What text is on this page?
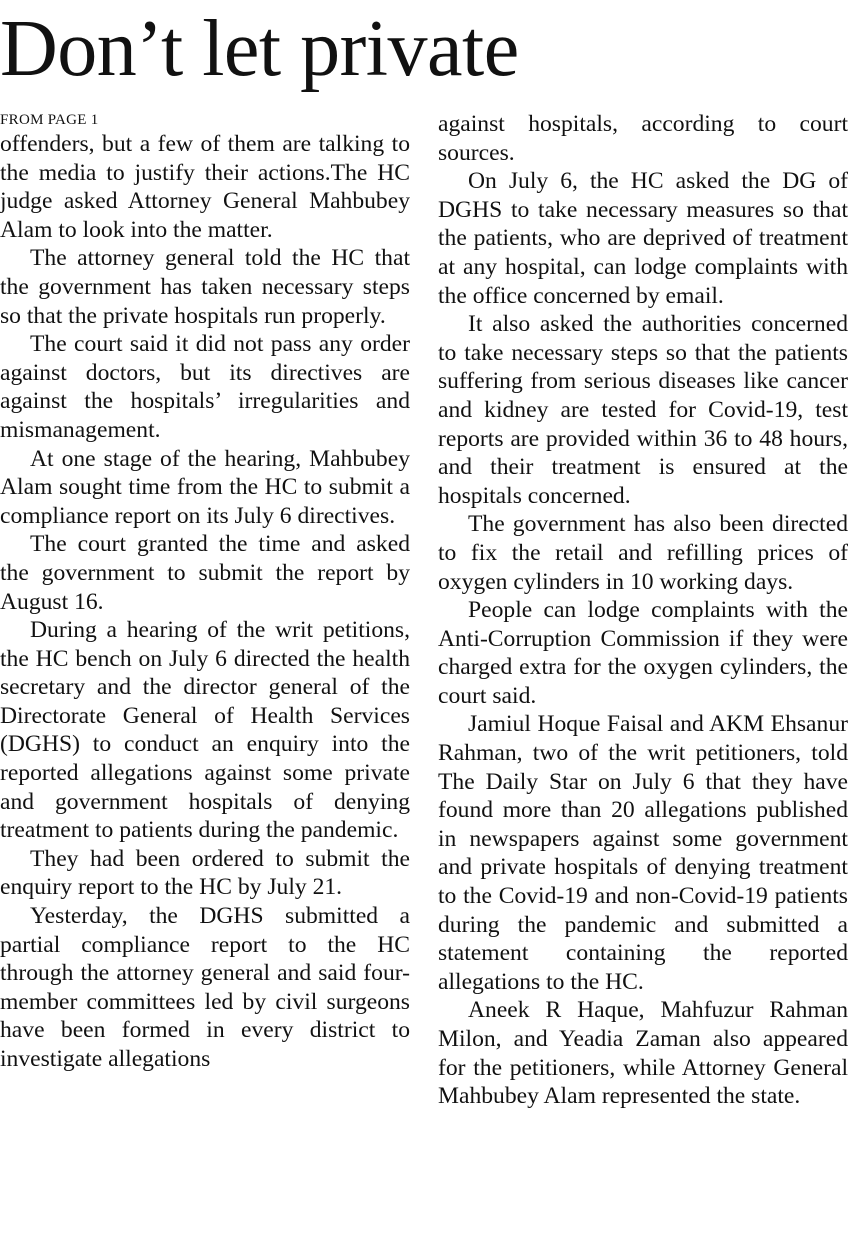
Don’t let private

FROM PAGE 1

offenders, but a few of them are talking to the media to justify their actions.The HC judge asked Attorney General Mahbubey Alam to look into the matter.

The attorney general told the HC that the government has taken necessary steps so that the private hospitals run properly.

The court said it did not pass any order against doctors, but its directives are against the hospitals’ irregularities and mismanagement.

At one stage of the hearing, Mahbubey Alam sought time from the HC to submit a compliance report on its July 6 directives.

The court granted the time and asked the government to submit the report by August 16.

During a hearing of the writ petitions, the HC bench on July 6 directed the health secretary and the director general of the Directorate General of Health Services (DGHS) to conduct an enquiry into the reported allegations against some private and government hospitals of denying treatment to patients during the pandemic.

They had been ordered to submit the enquiry report to the HC by July 21.

Yesterday, the DGHS submitted a partial compliance report to the HC through the attorney general and said four-member committees led by civil surgeons have been formed in every district to investigate allegations

against hospitals, according to court sources.

On July 6, the HC asked the DG of DGHS to take necessary measures so that the patients, who are deprived of treatment at any hospital, can lodge complaints with the office concerned by email.

It also asked the authorities concerned to take necessary steps so that the patients suffering from serious diseases like cancer and kidney are tested for Covid-19, test reports are provided within 36 to 48 hours, and their treatment is ensured at the hospitals concerned.

The government has also been directed to fix the retail and refilling prices of oxygen cylinders in 10 working days.

People can lodge complaints with the Anti-Corruption Commission if they were charged extra for the oxygen cylinders, the court said.

Jamiul Hoque Faisal and AKM Ehsanur Rahman, two of the writ petitioners, told The Daily Star on July 6 that they have found more than 20 allegations published in newspapers against some government and private hospitals of denying treatment to the Covid-19 and non-Covid-19 patients during the pandemic and submitted a statement containing the reported allegations to the HC.

Aneek R Haque, Mahfuzur Rahman Milon, and Yeadia Zaman also appeared for the petitioners, while Attorney General Mahbubey Alam represented the state.
